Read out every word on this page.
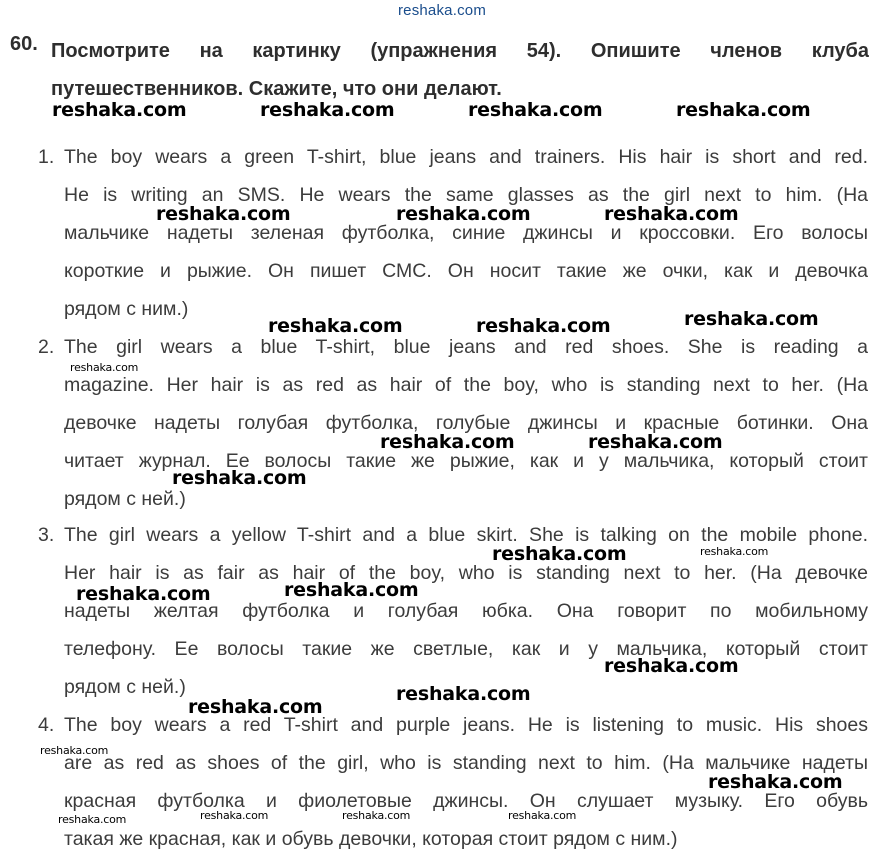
reshaka.com
60. Посмотрите на картинку (упражнения 54). Опишите членов клуба
путешественников. Скажите, что они делают.
1. The boy wears a green T-shirt, blue jeans and trainers. His hair is short and red.
He is writing an SMS. He wears the same glasses as the girl next to him. (На
мальчике надеты зеленая футболка, синие джинсы и кроссовки. Его волосы
короткие и рыжие. Он пишет СМС. Он носит такие же очки, как и девочка
рядом с ним.)
2. The girl wears a blue T-shirt, blue jeans and red shoes. She is reading a
magazine. Her hair is as red as hair of the boy, who is standing next to her. (На
девочке надеты голубая футболка, голубые джинсы и красные ботинки. Она
читает журнал. Ее волосы такие же рыжие, как и у мальчика, который стоит
рядом с ней.)
3. The girl wears a yellow T-shirt and a blue skirt. She is talking on the mobile phone.
Her hair is as fair as hair of the boy, who is standing next to her. (На девочке
надеты желтая футболка и голубая юбка. Она говорит по мобильному
телефону. Ее волосы такие же светлые, как и у мальчика, который стоит
рядом с ней.)
4. The boy wears a red T-shirt and purple jeans. He is listening to music. His shoes
are as red as shoes of the girl, who is standing next to him. (На мальчике надеты
красная футболка и фиолетовые джинсы. Он слушает музыку. Его обувь
такая же красная, как и обувь девочки, которая стоит рядом с ним.)
reshaka.com	reshaka.com	reshaka.com	reshaka.com
reshaka.com	reshaka.com	reshaka.com
reshaka.com	reshaka.com	reshaka.com
reshaka.com	reshaka.com
reshaka.com
reshaka.com
reshaka.com
reshaka.com
reshaka.com
reshaka.com
reshaka.com
reshaka.com
reshaka.com
reshaka.com
reshaka.com
reshaka.com	reshaka.com	reshaka.com	reshaka.com
